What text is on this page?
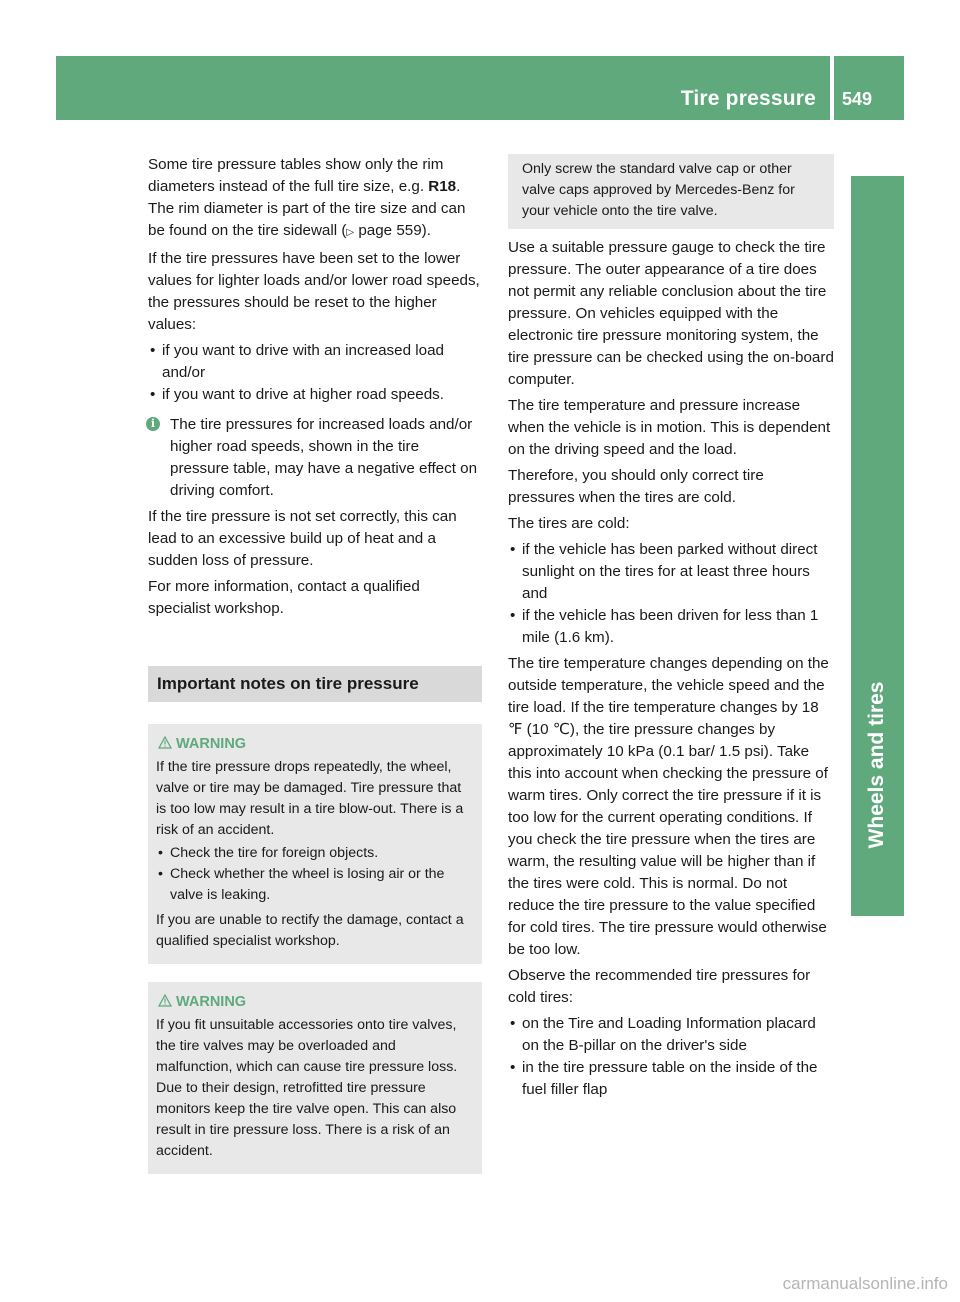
Tire pressure 549
Wheels and tires

Some tire pressure tables show only the rim diameters instead of the full tire size, e.g. R18. The rim diameter is part of the tire size and can be found on the tire sidewall (▷ page 559).

If the tire pressures have been set to the lower values for lighter loads and/or lower road speeds, the pressures should be reset to the higher values:

• if you want to drive with an increased load and/or
• if you want to drive at higher road speeds.
i The tire pressures for increased loads and/or higher road speeds, shown in the tire pressure table, may have a negative effect on driving comfort.

If the tire pressure is not set correctly, this can lead to an excessive build up of heat and a sudden loss of pressure.

For more information, contact a qualified specialist workshop.

Important notes on tire pressure
WARNING

If the tire pressure drops repeatedly, the wheel, valve or tire may be damaged. Tire pressure that is too low may result in a tire blow-out. There is a risk of an accident.

• Check the tire for foreign objects.
• Check whether the wheel is losing air or the valve is leaking.

If you are unable to rectify the damage, contact a qualified specialist workshop.

WARNING

If you fit unsuitable accessories onto tire valves, the tire valves may be overloaded and malfunction, which can cause tire pressure loss. Due to their design, retrofitted tire pressure monitors keep the tire valve open. This can also result in tire pressure loss. There is a risk of an accident.

Only screw the standard valve cap or other valve caps approved by Mercedes-Benz for your vehicle onto the tire valve.

Use a suitable pressure gauge to check the tire pressure. The outer appearance of a tire does not permit any reliable conclusion about the tire pressure. On vehicles equipped with the electronic tire pressure monitoring system, the tire pressure can be checked using the on-board computer.

The tire temperature and pressure increase when the vehicle is in motion. This is dependent on the driving speed and the load.

Therefore, you should only correct tire pressures when the tires are cold.

The tires are cold:

• if the vehicle has been parked without direct sunlight on the tires for at least three hours and
• if the vehicle has been driven for less than 1 mile (1.6 km).

The tire temperature changes depending on the outside temperature, the vehicle speed and the tire load. If the tire temperature changes by 18 ℉ (10 ℃), the tire pressure changes by approximately 10 kPa (0.1 bar/ 1.5 psi). Take this into account when checking the pressure of warm tires. Only correct the tire pressure if it is too low for the current operating conditions. If you check the tire pressure when the tires are warm, the resulting value will be higher than if the tires were cold. This is normal. Do not reduce the tire pressure to the value specified for cold tires. The tire pressure would otherwise be too low.

Observe the recommended tire pressures for cold tires:

• on the Tire and Loading Information placard on the B-pillar on the driver's side
• in the tire pressure table on the inside of the fuel filler flap
carmanualsonline.info
